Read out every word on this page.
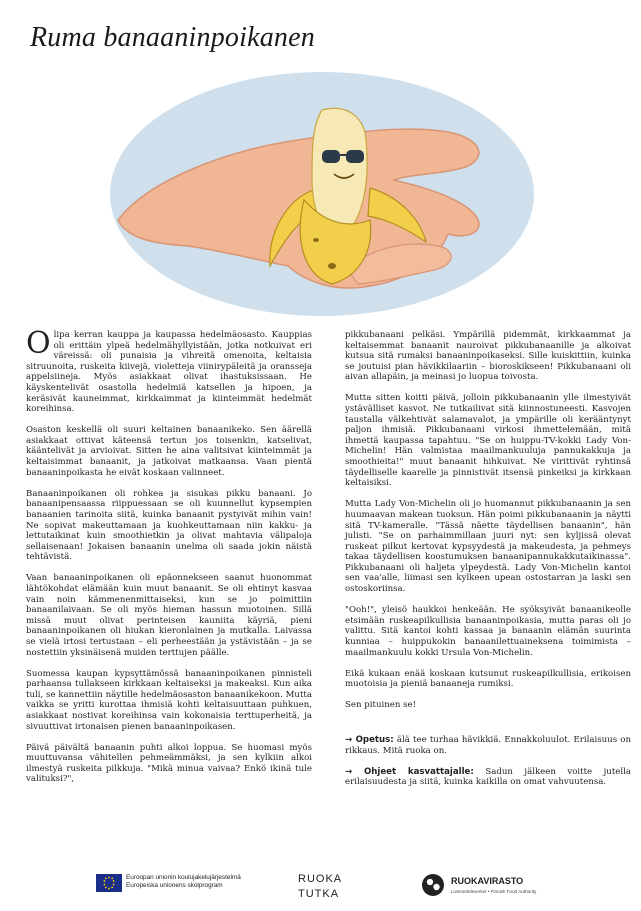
Ruma banaaninpoikanen

Olipa kerran kauppa ja kaupassa hedelmäosasto. Kauppias oli erittäin ylpeä hedelmähyllyistään, jotka notkuivat eri väreissä: oli punaisia ja vihreitä omenoita, keltaisia sitruunoita, ruskeita kiivejä, violetteja viinirypäleitä ja oransseja appelsiineja. Myös asiakkaat olivat ihastuksissaan. He käyskentelivät osastolla hedelmiä katsellen ja hipoen, ja keräsivät kauneimmat, kirkkaimmat ja kiinteimmät hedelmät koreihinsa.

Osaston keskellä oli suuri keltainen banaanikeko. Sen äärellä asiakkaat ottivat käteensä tertun jos toisenkin, katselivat, kääntelivät ja arvioivat. Sitten he aina valitsivat kiinteimmät ja keltaisimmat banaanit, ja jatkoivat matkaansa. Vaan pientä banaaninpoikasta he eivät koskaan valinneet.

Banaaninpoikanen oli rohkea ja sisukas pikku banaani. Jo banaanipensaassa riippuessaan se oli kuunnellut kypsempien banaanien tarinoita siitä, kuinka banaanit pystyivät mihin vain! Ne sopivat makeuttamaan ja kuohkeuttamaan niin kakku- ja lettutaikinat kuin smoothietkin ja olivat mahtavia välipaloja sellaisenaan! Jokaisen banaanin unelma oli saada jokin näistä tehtävistä.

Vaan banaaninpoikanen oli epäonnekseen saanut huonommat lähtökohdat elämään kuin muut banaanit. Se oli ehtinyt kasvaa vain noin kämmenenmittaiseksi, kun se jo poimittiin banaanilaivaan. Se oli myös hieman hassun muotoinen. Sillä missä muut olivat perinteisen kauniita käyriä, pieni banaaninpoikanen oli hiukan kieronlainen ja mutkalla. Laivassa se vielä irtosi tertustaan – eli perheestään ja ystävistään – ja se nostettiin yksinäisenä muiden terttujen päälle.

Suomessa kaupan kypsyttämössä banaaninpoikanen pinnisteli parhaansa tullakseen kirkkaan keltaiseksi ja makeaksi. Kun aika tuli, se kannettiin näytille hedelmäosaston banaanikekoon. Mutta vaikka se yritti kurottaa ihmisiä kohti keltaisuuttaan puhkuen, asiakkaat nostivat koreihinsa vain kokonaisia terttuperheitä, ja sivuuttivat irtonaisen pienen banaaninpoikasen.

Päivä päivältä banaanin puhti alkoi loppua. Se huomasi myös muuttuvansa vähitellen pehmeämmäksi, ja sen kylkiin alkoi ilmestyä ruskeita pilkkuja. "Mikä minua vaivaa? Enkö ikinä tule valituksi?",

pikkubanaani pelkäsi. Ympärillä pidemmät, kirkkaammat ja keltaisemmat banaanit nauroivat pikkubanaanille ja alkoivat kutsua sitä rumaksi banaaninpoikaseksi. Sille kuiskittiin, kuinka se joutuisi pian hävikkilaariin – bioroskikseen! Pikkubanaani oli aivan allapäin, ja meinasi jo luopua toivosta.

Mutta sitten koitti päivä, jolloin pikkubanaanin ylle ilmestyivät ystävälliset kasvot. Ne tutkailivat sitä kiinnostuneesti. Kasvojen taustalla välkehtivät salamavalot, ja ympärille oli kerääntynyt paljon ihmisiä. Pikkubanaani virkosi ihmettelemään, mitä ihmettä kaupassa tapahtuu. "Se on huippu-TV-kokki Lady Von-Michelin! Hän valmistaa maailmankuuluja pannukakkuja ja smoothieita!" muut banaanit hihkuivat. Ne virittivät ryhtinsä täydelliselle kaarelle ja pinnistivät itsensä pinkeiksi ja kirkkaan keltaisiksi.

Mutta Lady Von-Michelin oli jo huomannut pikkubanaanin ja sen huumaavan makean tuoksun. Hän poimi pikkubanaanin ja näytti sitä TV-kameralle. "Tässä näette täydellisen banaanin", hän julisti. "Se on parhaimmillaan juuri nyt: sen kyljissä olevat ruskeat pilkut kertovat kypsyydestä ja makeudesta, ja pehmeys takaa täydellisen koostumuksen banaanipannukakkutaikinassa". Pikkubanaani oli haljeta ylpeydestä. Lady Von-Michelin kantoi sen vaa'alle, liimasi sen kylkeen upean ostostarran ja laski sen ostoskoriinsa.

"Ooh!", yleisö haukkoi henkeään. He syöksyivät banaanikeolle etsimään ruskeapilkullisia banaaninpoikasia, mutta paras oli jo valittu. Sitä kantoi kohti kassaa ja banaanin elämän suurinta kunniaa – huippukokin banaanilettuaineksena toimimista – maailmankuulu kokki Ursula Von-Michelin.

Eikä kukaan enää koskaan kutsunut ruskeapilkullisia, erikoisen muotoisia ja pieniä banaaneja rumiksi.

Sen pituinen se!

→ Opetus: älä tee turhaa hävikkiä. Ennakkoluulot. Erilaisuus on rikkaus. Mitä ruoka on.

→ Ohjeet kasvattajalle: Sadun jälkeen voitte jutella erilaisuudesta ja siitä, kuinka kaikilla on omat vahvuutensa.

Euroopan unionin koulujakelujärjestelmä
Europeiska unionens skolprogram
RUOKA
TUTKA
RUOKAVIRASTO
Livsmedelsverket • Finnish Food Authority
